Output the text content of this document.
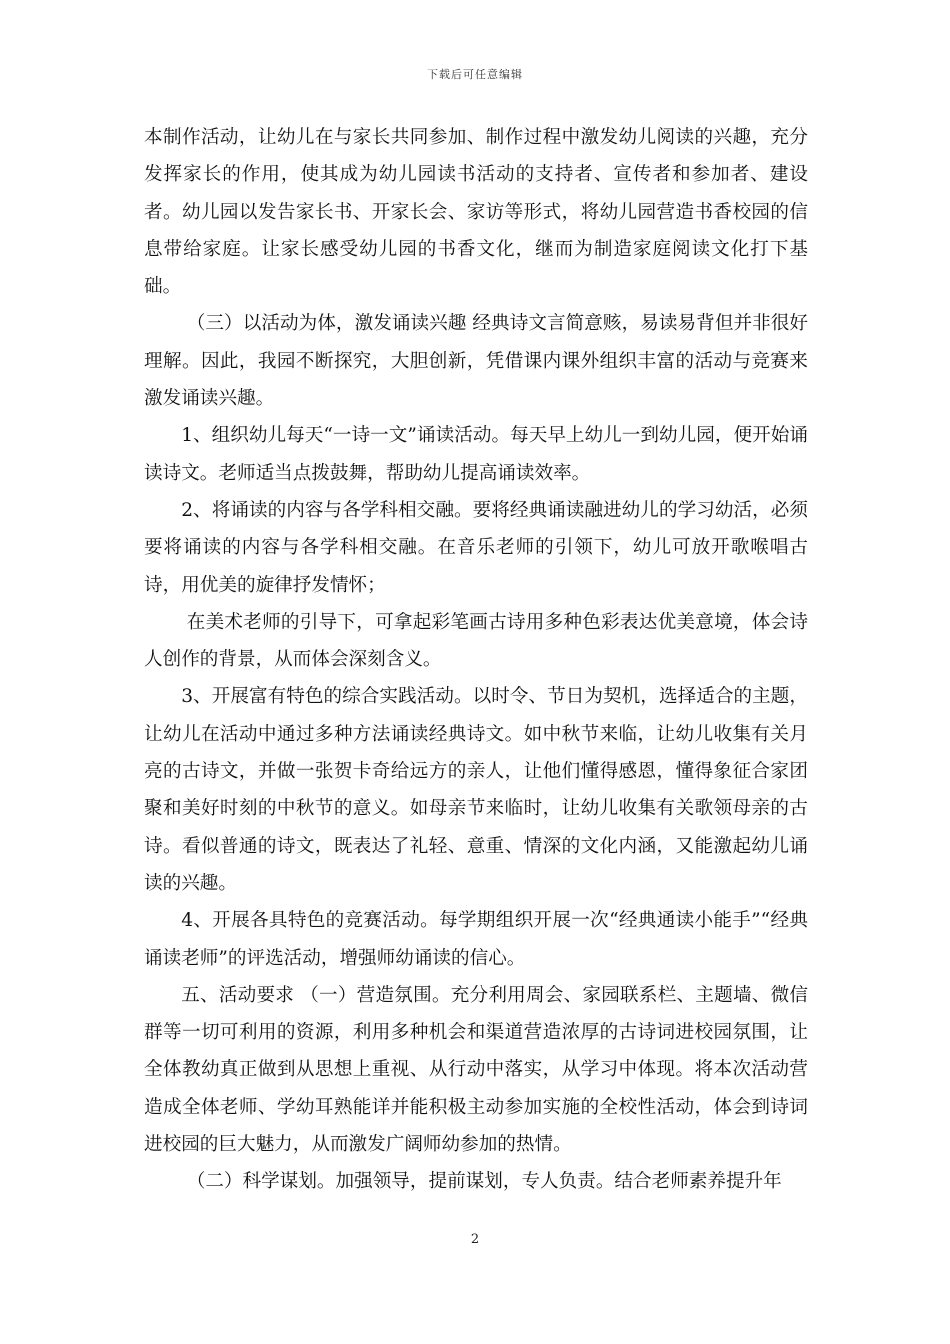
下载后可任意编辑

本制作活动，让幼儿在与家长共同参加、制作过程中激发幼儿阅读的兴趣，充分发挥家长的作用，使其成为幼儿园读书活动的支持者、宣传者和参加者、建设者。幼儿园以发告家长书、开家长会、家访等形式，将幼儿园营造书香校园的信息带给家庭。让家长感受幼儿园的书香文化，继而为制造家庭阅读文化打下基础。

（三）以活动为体，激发诵读兴趣 经典诗文言简意赅，易读易背但并非很好理解。因此，我园不断探究，大胆创新，凭借课内课外组织丰富的活动与竞赛来激发诵读兴趣。

1、组织幼儿每天“一诗一文”诵读活动。每天早上幼儿一到幼儿园，便开始诵读诗文。老师适当点拨鼓舞，帮助幼儿提高诵读效率。

2、将诵读的内容与各学科相交融。要将经典诵读融进幼儿的学习幼活，必须要将诵读的内容与各学科相交融。在音乐老师的引领下，幼儿可放开歌喉唱古诗，用优美的旋律抒发情怀；

在美术老师的引导下，可拿起彩笔画古诗用多种色彩表达优美意境，体会诗人创作的背景，从而体会深刻含义。

3、开展富有特色的综合实践活动。以时令、节日为契机，选择适合的主题，让幼儿在活动中通过多种方法诵读经典诗文。如中秋节来临，让幼儿收集有关月亮的古诗文，并做一张贺卡奇给远方的亲人，让他们懂得感恩，懂得象征合家团聚和美好时刻的中秋节的意义。如母亲节来临时，让幼儿收集有关歌领母亲的古诗。看似普通的诗文，既表达了礼轻、意重、情深的文化内涵，又能激起幼儿诵读的兴趣。

4、开展各具特色的竞赛活动。每学期组织开展一次“经典通读小能手”“经典诵读老师”的评选活动，增强师幼诵读的信心。

五、活动要求 （一）营造氛围。充分利用周会、家园联系栏、主题墙、微信群等一切可利用的资源，利用多种机会和渠道营造浓厚的古诗词进校园氛围，让全体教幼真正做到从思想上重视、从行动中落实，从学习中体现。将本次活动营造成全体老师、学幼耳熟能详并能积极主动参加实施的全校性活动，体会到诗词进校园的巨大魅力，从而激发广阔师幼参加的热情。

（二）科学谋划。加强领导，提前谋划，专人负责。结合老师素养提升年

2
